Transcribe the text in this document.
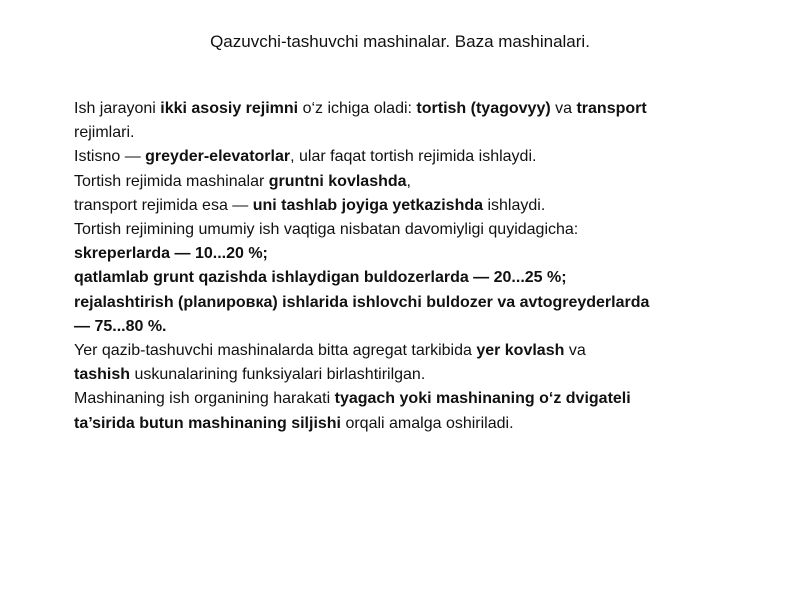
Qazuvchi-tashuvchi mashinalar. Baza mashinalari.
Ish jarayoni ikki asosiy rejimni o‘z ichiga oladi: tortish (tyagovyy) va transport
rejimlari.
Istisno — greyder-elevatorlar, ular faqat tortish rejimida ishlaydi.
Tortish rejimida mashinalar gruntni kovlashda,
transport rejimida esa — uni tashlab joyiga yetkazishda ishlaydi.
Tortish rejimining umumiy ish vaqtiga nisbatan davomiyligi quyidagicha:
skreperlarda — 10...20 %;
qatlamlab grunt qazishda ishlaydigan buldozerlarda — 20...25 %;
rejalashtirish (planировка) ishlarida ishlovchi buldozer va avtogreyderlarda
— 75...80 %.
Yer qazib-tashuvchi mashinalarda bitta agregat tarkibida yer kovlash va
tashish uskunalarining funksiyalari birlashtirilgan.
Mashinaning ish organining harakati tyagach yoki mashinaning o‘z dvigateli
ta’sirida butun mashinaning siljishi orqali amalga oshiriladi.
